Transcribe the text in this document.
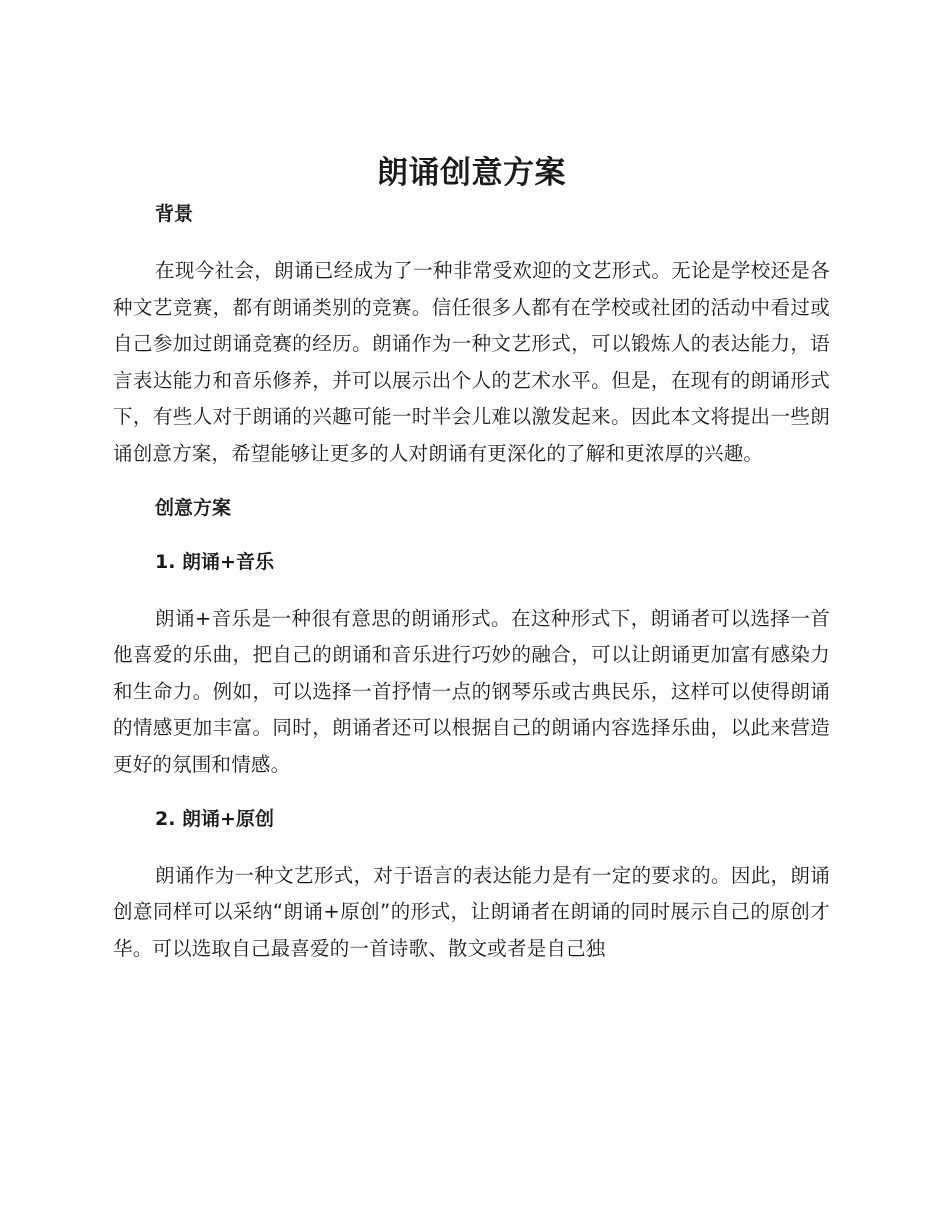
朗诵创意方案
背景

在现今社会，朗诵已经成为了一种非常受欢迎的文艺形式。无论是学校还是各种文艺竞赛，都有朗诵类别的竞赛。信任很多人都有在学校或社团的活动中看过或自己参加过朗诵竞赛的经历。朗诵作为一种文艺形式，可以锻炼人的表达能力，语言表达能力和音乐修养，并可以展示出个人的艺术水平。但是，在现有的朗诵形式下，有些人对于朗诵的兴趣可能一时半会儿难以激发起来。因此本文将提出一些朗诵创意方案，希望能够让更多的人对朗诵有更深化的了解和更浓厚的兴趣。

创意方案
1. 朗诵+音乐

朗诵+音乐是一种很有意思的朗诵形式。在这种形式下，朗诵者可以选择一首他喜爱的乐曲，把自己的朗诵和音乐进行巧妙的融合，可以让朗诵更加富有感染力和生命力。例如，可以选择一首抒情一点的钢琴乐或古典民乐，这样可以使得朗诵的情感更加丰富。同时，朗诵者还可以根据自己的朗诵内容选择乐曲，以此来营造更好的氛围和情感。

2. 朗诵+原创

朗诵作为一种文艺形式，对于语言的表达能力是有一定的要求的。因此，朗诵创意同样可以采纳“朗诵+原创”的形式，让朗诵者在朗诵的同时展示自己的原创才华。可以选取自己最喜爱的一首诗歌、散文或者是自己独
